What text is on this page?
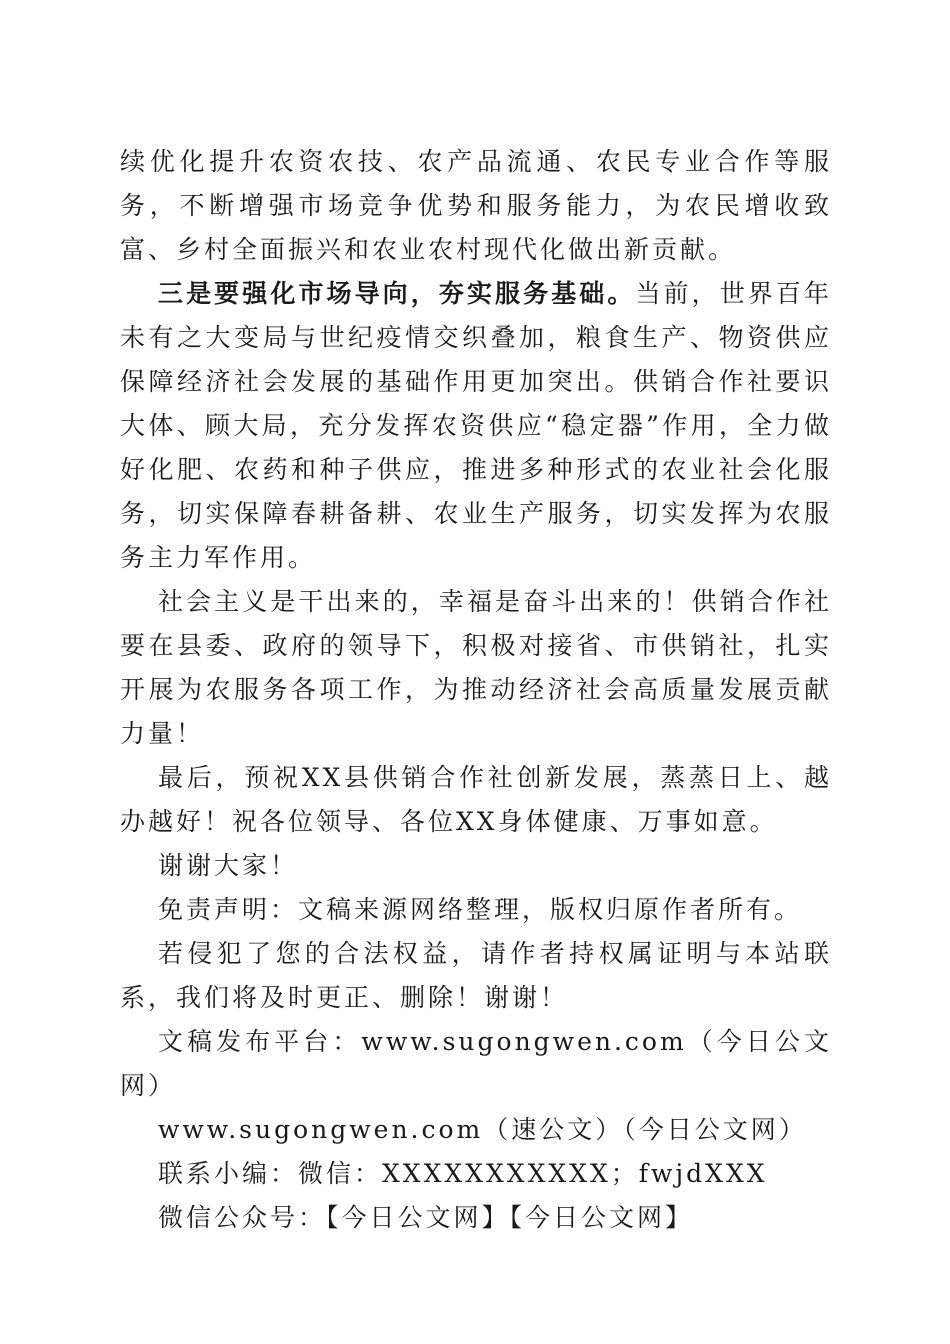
续优化提升农资农技、农产品流通、农民专业合作等服务，不断增强市场竞争优势和服务能力，为农民增收致富、乡村全面振兴和农业农村现代化做出新贡献。

三是要强化市场导向，夯实服务基础。当前，世界百年未有之大变局与世纪疫情交织叠加，粮食生产、物资供应保障经济社会发展的基础作用更加突出。供销合作社要识大体、顾大局，充分发挥农资供应“稳定器”作用，全力做好化肥、农药和种子供应，推进多种形式的农业社会化服务，切实保障春耕备耕、农业生产服务，切实发挥为农服务主力军作用。

社会主义是干出来的，幸福是奋斗出来的！供销合作社要在县委、政府的领导下，积极对接省、市供销社，扎实开展为农服务各项工作，为推动经济社会高质量发展贡献力量！

最后，预祝XX县供销合作社创新发展，蒸蒸日上、越办越好！祝各位领导、各位XX身体健康、万事如意。

谢谢大家！

免责声明：文稿来源网络整理，版权归原作者所有。

若侵犯了您的合法权益，请作者持权属证明与本站联系，我们将及时更正、删除！谢谢！

文稿发布平台：www.sugongwen.com（今日公文网）

www.sugongwen.com（速公文）（今日公文网）

联系小编：微信：XXXXXXXXXXX；fwjdXXX

微信公众号：【今日公文网】【今日公文网】
